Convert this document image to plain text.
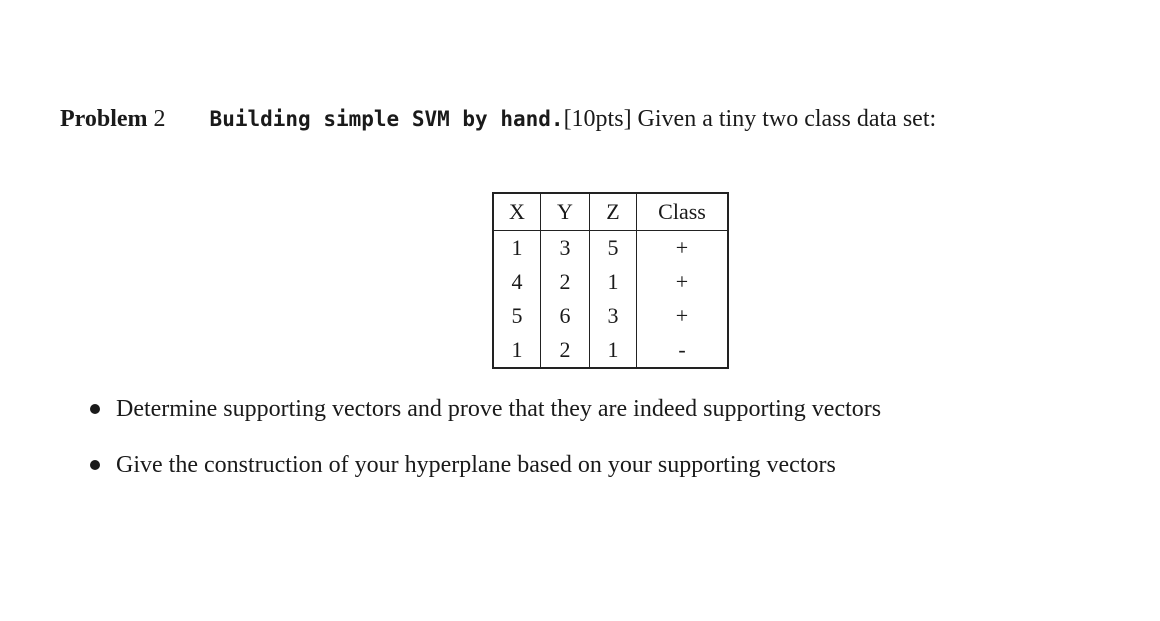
Problem 2 Building simple SVM by hand.[10pts] Given a tiny two class data set:
X	Y	Z	Class
1	3	5	+
4	2	1	+
5	6	3	+
1	2	1	-
Determine supporting vectors and prove that they are indeed supporting vectors
Give the construction of your hyperplane based on your supporting vectors
